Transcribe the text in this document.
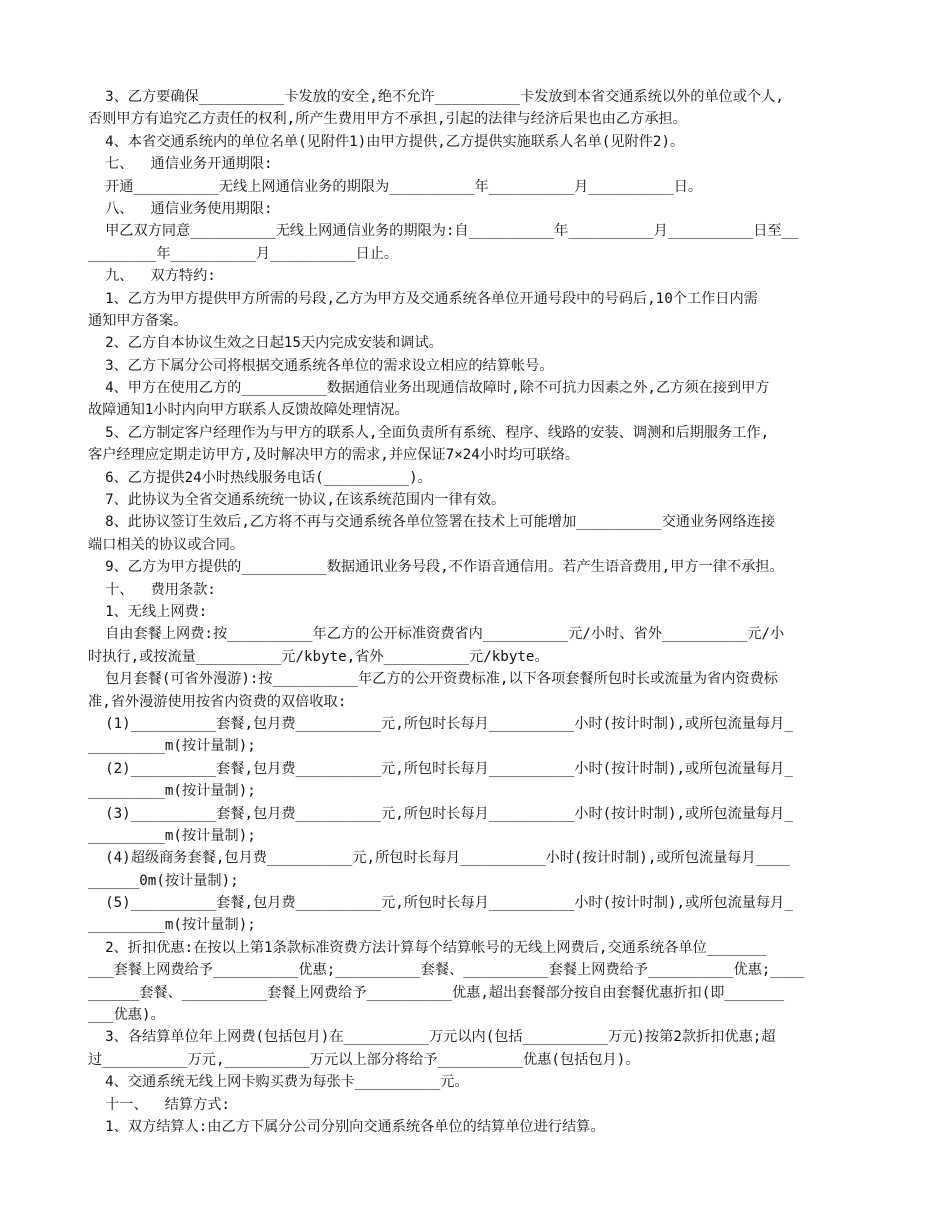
3、乙方要确保__________卡发放的安全,绝不允许__________卡发放到本省交通系统以外的单位或个人,
否则甲方有追究乙方责任的权利,所产生费用甲方不承担,引起的法律与经济后果也由乙方承担。
4、本省交通系统内的单位名单(见附件1)由甲方提供,乙方提供实施联系人名单(见附件2)。
七、  通信业务开通期限:
开通__________无线上网通信业务的期限为__________年__________月__________日。
八、  通信业务使用期限:
甲乙双方同意__________无线上网通信业务的期限为:自__________年__________月__________日至__
________年__________月__________日止。
九、  双方特约:
1、乙方为甲方提供甲方所需的号段,乙方为甲方及交通系统各单位开通号段中的号码后,10个工作日内需
通知甲方备案。
2、乙方自本协议生效之日起15天内完成安装和调试。
3、乙方下属分公司将根据交通系统各单位的需求设立相应的结算帐号。
4、甲方在使用乙方的__________数据通信业务出现通信故障时,除不可抗力因素之外,乙方须在接到甲方
故障通知1小时内向甲方联系人反馈故障处理情况。
5、乙方制定客户经理作为与甲方的联系人,全面负责所有系统、程序、线路的安装、调测和后期服务工作,
客户经理应定期走访甲方,及时解决甲方的需求,并应保证7×24小时均可联络。
6、乙方提供24小时热线服务电话(__________)。
7、此协议为全省交通系统统一协议,在该系统范围内一律有效。
8、此协议签订生效后,乙方将不再与交通系统各单位签署在技术上可能增加__________交通业务网络连接
端口相关的协议或合同。
9、乙方为甲方提供的__________数据通讯业务号段,不作语音通信用。若产生语音费用,甲方一律不承担。
十、  费用条款:
1、无线上网费:
自由套餐上网费:按__________年乙方的公开标准资费省内__________元/小时、省外__________元/小
时执行,或按流量__________元/kbyte,省外__________元/kbyte。
包月套餐(可省外漫游):按__________年乙方的公开资费标准,以下各项套餐所包时长或流量为省内资费标
准,省外漫游使用按省内资费的双倍收取:
(1)__________套餐,包月费__________元,所包时长每月__________小时(按计时制),或所包流量每月_
_________m(按计量制);
(2)__________套餐,包月费__________元,所包时长每月__________小时(按计时制),或所包流量每月_
_________m(按计量制);
(3)__________套餐,包月费__________元,所包时长每月__________小时(按计时制),或所包流量每月_
_________m(按计量制);
(4)超级商务套餐,包月费__________元,所包时长每月__________小时(按计时制),或所包流量每月____
______0m(按计量制);
(5)__________套餐,包月费__________元,所包时长每月__________小时(按计时制),或所包流量每月_
_________m(按计量制);
2、折扣优惠:在按以上第1条款标准资费方法计算每个结算帐号的无线上网费后,交通系统各单位_______
___套餐上网费给予__________优惠;__________套餐、__________套餐上网费给予__________优惠;____
______套餐、__________套餐上网费给予__________优惠,超出套餐部分按自由套餐优惠折扣(即_______
___优惠)。
3、各结算单位年上网费(包括包月)在__________万元以内(包括__________万元)按第2款折扣优惠;超
过__________万元,__________万元以上部分将给予__________优惠(包括包月)。
4、交通系统无线上网卡购买费为每张卡__________元。
十一、  结算方式:
1、双方结算人:由乙方下属分公司分别向交通系统各单位的结算单位进行结算。
